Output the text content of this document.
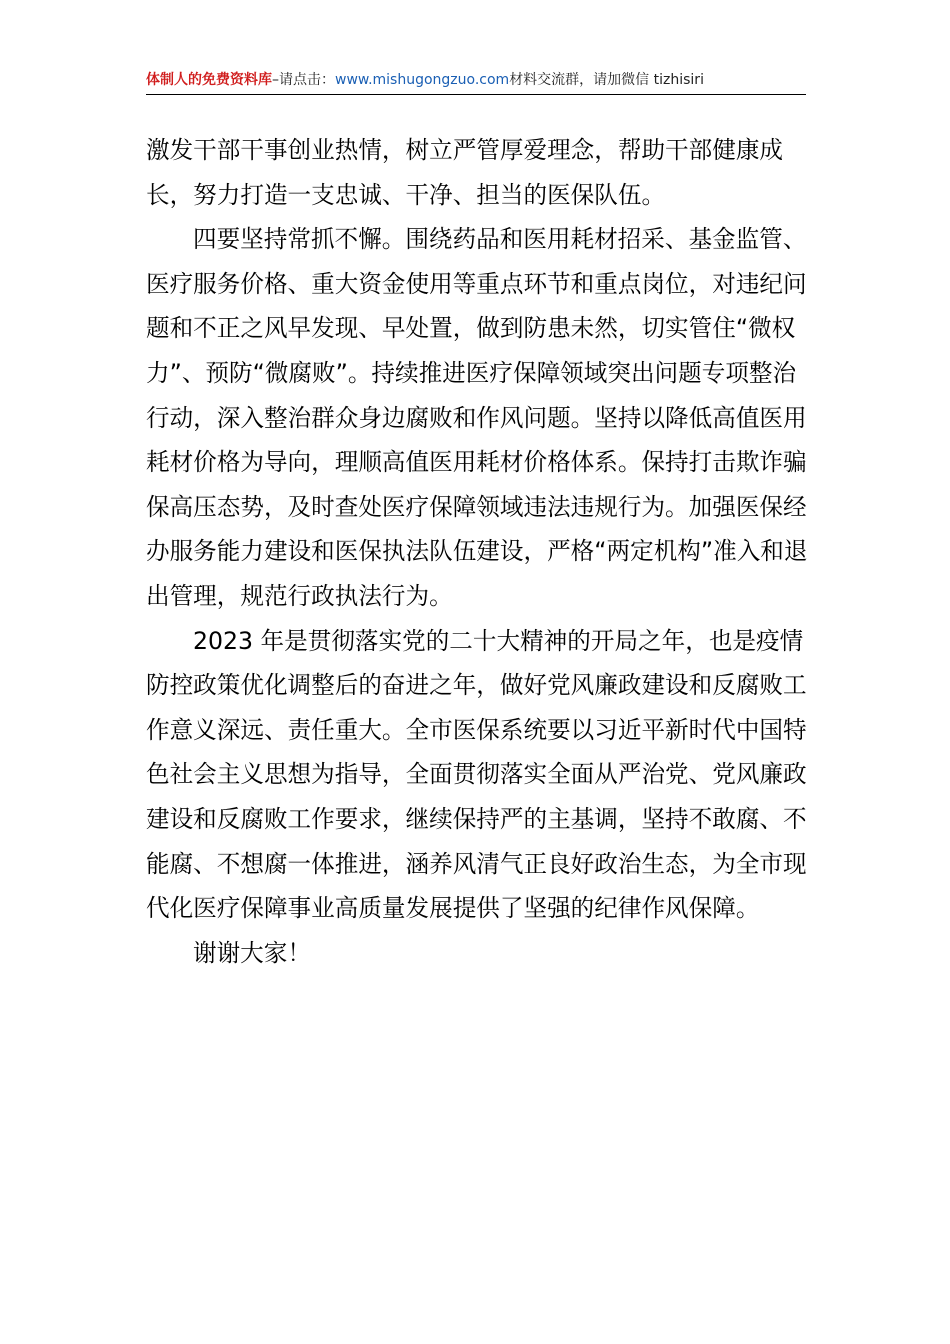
体制人的免费资料库–请点击：www.mishugongzuo.com材料交流群，请加微信 tizhisiri

激发干部干事创业热情，树立严管厚爱理念，帮助干部健康成长，努力打造一支忠诚、干净、担当的医保队伍。

四要坚持常抓不懈。围绕药品和医用耗材招采、基金监管、医疗服务价格、重大资金使用等重点环节和重点岗位，对违纪问题和不正之风早发现、早处置，做到防患未然，切实管住“微权力”、预防“微腐败”。持续推进医疗保障领域突出问题专项整治行动，深入整治群众身边腐败和作风问题。坚持以降低高值医用耗材价格为导向，理顺高值医用耗材价格体系。保持打击欺诈骗保高压态势，及时查处医疗保障领域违法违规行为。加强医保经办服务能力建设和医保执法队伍建设，严格“两定机构”准入和退出管理，规范行政执法行为。

2023 年是贯彻落实党的二十大精神的开局之年，也是疫情防控政策优化调整后的奋进之年，做好党风廉政建设和反腐败工作意义深远、责任重大。全市医保系统要以习近平新时代中国特色社会主义思想为指导，全面贯彻落实全面从严治党、党风廉政建设和反腐败工作要求，继续保持严的主基调，坚持不敢腐、不能腐、不想腐一体推进，涵养风清气正良好政治生态，为全市现代化医疗保障事业高质量发展提供了坚强的纪律作风保障。

谢谢大家！
